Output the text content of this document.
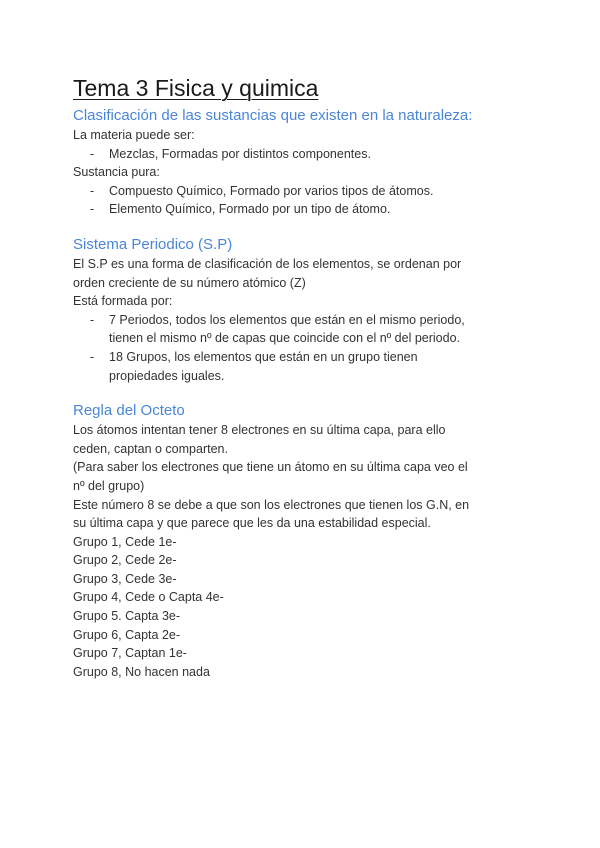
Tema 3 Fisica y quimica
Clasificación de las sustancias que existen en la naturaleza:

La materia puede ser:

- Mezclas, Formadas por distintos componentes.

Sustancia pura:

- Compuesto Químico, Formado por varios tipos de átomos.
- Elemento Químico, Formado por un tipo de átomo.
Sistema Periodico (S.P)

El S.P es una forma de clasificación de los elementos, se ordenan por

orden creciente de su número atómico (Z)

Está formada por:

- 7 Periodos, todos los elementos que están en el mismo periodo,
tienen el mismo nº de capas que coincide con el nº del periodo.
- 18 Grupos, los elementos que están en un grupo tienen
propiedades iguales.
Regla del Octeto

Los átomos intentan tener 8 electrones en su última capa, para ello

ceden, captan o comparten.

(Para saber los electrones que tiene un átomo en su última capa veo el

nº del grupo)

Este número 8 se debe a que son los electrones que tienen los G.N, en

su última capa y que parece que les da una estabilidad especial.

Grupo 1, Cede 1e-

Grupo 2, Cede 2e-

Grupo 3, Cede 3e-

Grupo 4, Cede o Capta 4e-

Grupo 5. Capta 3e-

Grupo 6, Capta 2e-

Grupo 7, Captan 1e-

Grupo 8, No hacen nada
